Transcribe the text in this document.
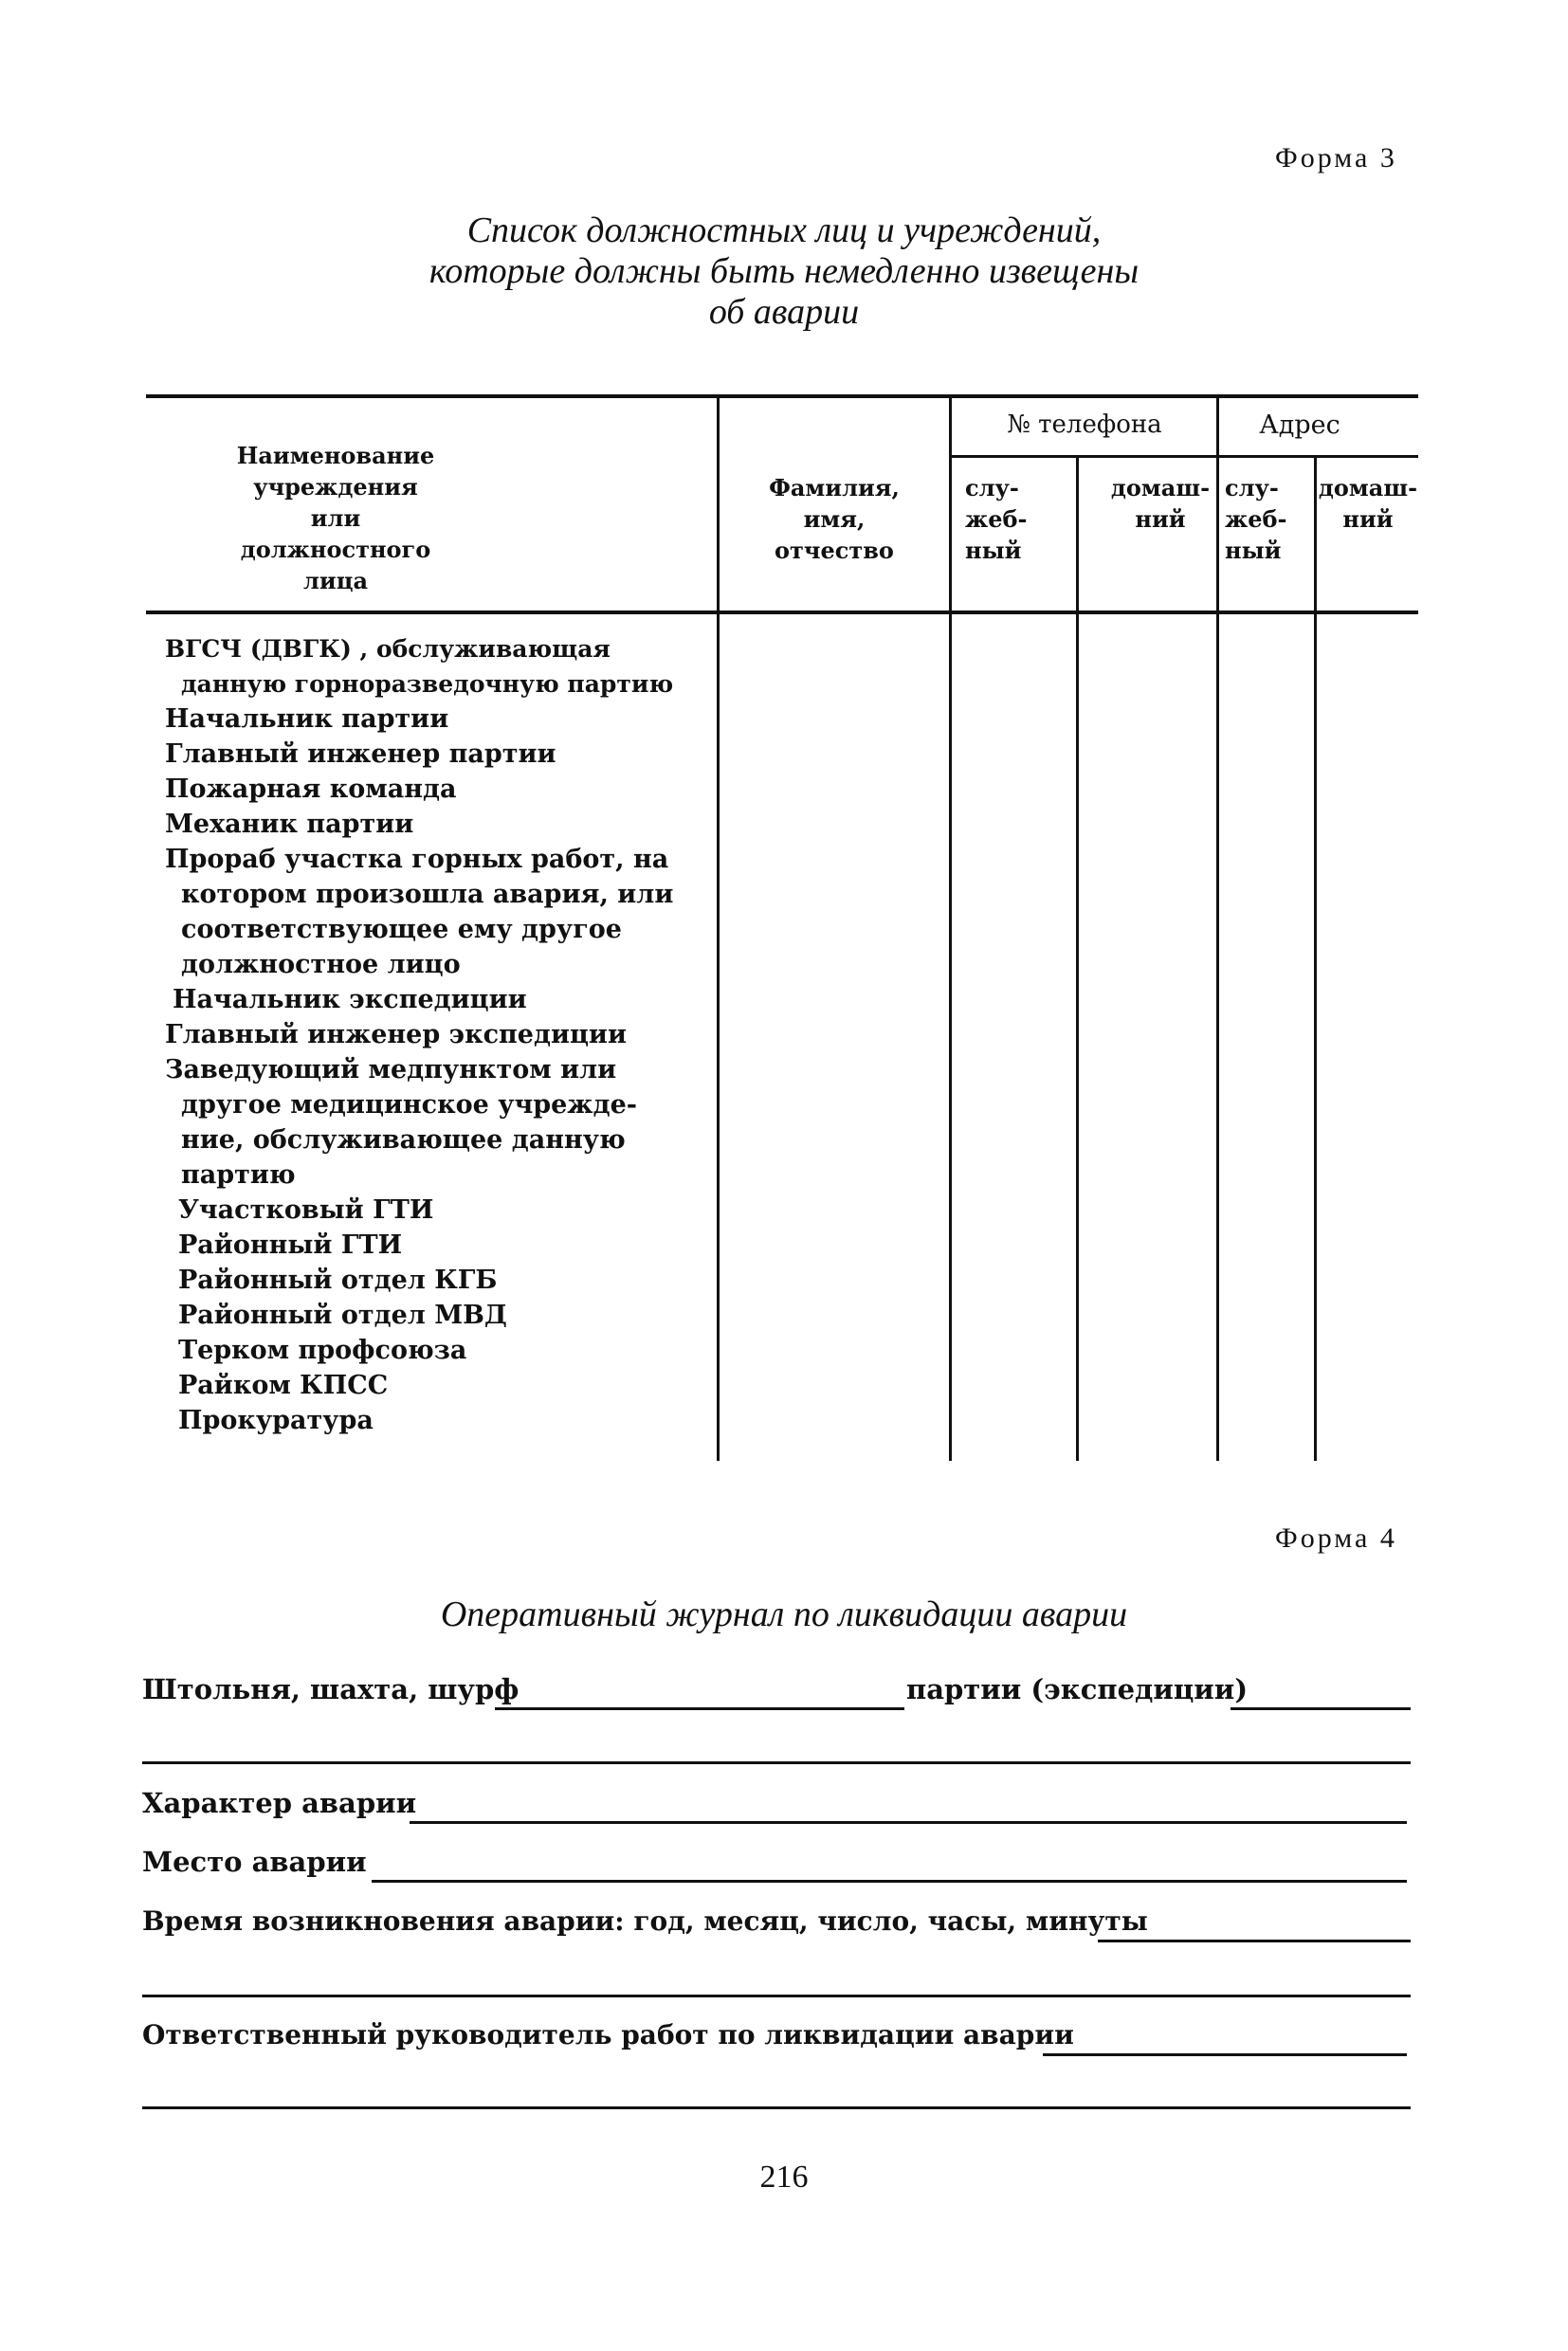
Форма 3
Список должностных лиц и учреждений,
которые должны быть немедленно извещены
об аварии
Наименование
учреждения
или
должностного
лица
Фамилия,
имя,
отчество
№ телефона	Адрес
слу-
жеб-
ный
домаш-
ний
слу-
жеб-
ный
домаш-
ний
ВГСЧ (ДВГК) , обслуживающая
данную горноразведочную партию
Начальник партии
Главный инженер партии
Пожарная команда
Механик партии
Прораб участка горных работ, на
котором произошла авария, или
соответствующее ему другое
должностное лицо
Начальник экспедиции
Главный инженер экспедиции
Заведующий медпунктом или
другое медицинское учрежде-
ние, обслуживающее данную
партию
Участковый ГТИ
Районный ГТИ
Районный отдел КГБ
Районный отдел МВД
Терком профсоюза
Райком КПСС
Прокуратура
Форма 4
Оперативный журнал по ликвидации аварии
Штольня, шахта, шурф	партии (экспедиции)
Характер аварии
Место аварии
Время возникновения аварии: год, месяц, число, часы, минуты
Ответственный руководитель работ по ликвидации аварии
216
